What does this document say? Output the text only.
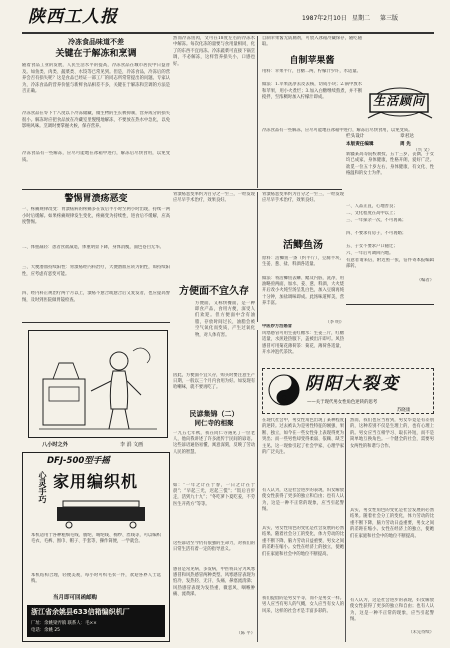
陕西工人报	1987年2月10日 星期二 第三版
冷冻食品味道不差
关键在于解冻和烹调
随着食品工业的发展，人民生活水平的提高，冷冻食品在城市居民中日益普及。如鱼类、肉类、蔬菜类、水饺等已常见到。但是，冷冻食品，冷冻后的营养会否有损失呢？这是食品已经证一部工厂的同志所常常提出的问题。专家认为，冷冻食品的营养价值与新鲜食品相差不多，关键在于解冻和烹调的方法是否正确。
冷冻食品在零下十八度以下冷冻储藏，微生物的生长被抑制，营养成分的损失很小。解冻时应把食品放在冷藏室里慢慢地解冻，不要放在热水中急化，以免影响风味。烹调时要掌握火候，保存营养。
冷冻食品有一些解冻，应尽可能地在冰箱中进行，解冻后尽快食用，以免变质。
然而冷冻鱼肉，文可在18度左右的冷冻水中解冻。每次化冻的量要与食用量相同，化了的东西不宜再冻。冷冻蔬菜可直接下锅烹调，不必解冻，这样营养损失小，口感也好。
自制苹果酱无防腐剂，可放入冰箱冷藏保存，随吃随取。
自制苹果酱
用料：苹果半斤，白糖二两，柠檬汁少许，水适量。
做法：1.苹果洗净去皮去核，切成小块；2.锅中放水和苹果，用小火煮烂；3.加入白糖继续熬煮，并不断搅拌，至浓稠时加入柠檬汁即成。
冷冻食品有一些解冻，应尽可能地在冰箱中进行，解冻后尽快食用，以免变质。
（兴 文）
生活顾问
栏头设计	章君达
本版责任编辑	周 先
新疆某高等院校教授，五十三岁，丧偶，子女均已成家，身体健康，性格开朗，爱好广泛。欲觅一位五十岁左右、身体健康、有文化、性格温和的女士为伴。
一、人品正直，心地善良；
二、文化程度在高中以上；
三、一年探亲一次，不可再离；
四、不要求有房子，不可再婚；
五、子女不要求户口随迁；
六、一年后可调回内地。
有意者请来信，附近照一张，信件寄本报编辑部转。
（编者）
警惕胃溃疡恶变
一、疼痛规律改变：胃溃疡病的疼痛多在饭后半小时至两小时出现，持续一两小时后缓解。如果疼痛规律发生变化，疼痛变为持续性，进食后不缓解，应高度警惕。
二、体重减轻：患者食欲减退，体重明显下降，身体消瘦，面色苍白无华。
三、大便潜血持续阳性：胃溃疡经内科治疗，大便潜血应转为阴性，如持续阳性，应考虑有恶变可能。
四、经内科正规治疗两个月以上，溃疡不愈合或愈合后又复发者，也应提高警惕，及时到医院做胃镜检查。
胃溃疡恶变率约为百分之一至三，一经发现应尽早手术治疗，效果良好。
方便面不宜久存
方便面，又称快餐面，是一种即食产品，食用方便，深受人们欢迎。但方便面中含有油脂，存放时间过长，油脂会被空气氧化而变质，产生过氧化物，对人体有害。
因此，方便面不宜久存，购买时要注意生产日期，一般以三个月内食用为好。如发现有哈喇味，就不要再吃了。
胃溃疡恶变率约为百分之一至三，一经发现应尽早手术治疗，效果良好。
活鲫鱼汤
原料：活鲫鱼一条（约半斤），豆腐半块，生姜、葱、盐、料酒各适量。
做法：将活鲫鱼去鳞、鳃及内脏，洗净，用油略煎两面，加水、姜、葱、料酒，大火烧开后改小火炖至汤呈乳白色，加入豆腐再炖十分钟，加盐调味即成。此汤味道鲜美，营养丰富。
（李 明）
八小时之外	李 涓 文画
DFJ-500型手摇
心灵手巧 家用编织机
本机适用于各种粗细毛线、腈纶、晴纶线、棉纱、丝线等，可以编织毛衣、毛裤、围巾、帽子、手套等，操作简便，一学就会。
本机结构合理，轻便美观，每小时可织毛衣一件，欢迎各界人士选购。
当月即可回函邮购
浙江省余姚县633信箱编织机厂
厂址：余姚梁弄镇 联系人：毛××
电话：余姚 25
民谚集锦（二）
同仁寺的相聚
一九五七年秋，我在同仁寺遇见了一位老人，他向我讲述了许多流传于民间的谚语。这些谚语通俗易懂，寓意深刻，反映了劳动人民的智慧。
如：“一年之计在于春，一日之计在于晨”；“早起三光，迟起三慌”；“饭后百步走，活到九十九”；“冬吃萝卜夏吃姜，不劳医生开药方”等等。
这些谚语至今仍有很强的生命力，对我们的日常生活有着一定的指导意义。
感冒是常见病、多发病，中医将其分为风寒感冒和风热感冒两种类型。风寒感冒表现为怕冷、发热轻、无汗、头痛、鼻塞流清涕；风热感冒表现为发热重、微恶风、咽喉肿痛、流黄涕。
（陈 平）
中医妙方治感冒
风寒感冒可用生姜红糖水：生姜三片，红糖适量，水煎趁热服下，盖被出汗即可。风热感冒可用菊花薄荷茶：菊花、薄荷各适量，开水冲泡代茶饮。
阴阳大裂变
——关于现代男女性角色逆转的思考
苏晓康
在现代社会中，男女性角色出现了某种程度的逆转。过去被认为是男性特征的刚强、果断、独立，如今在一些女性身上表现得更为突出；而一些男性却变得柔弱、依赖、缺乏主见。这一现象引起了社会学家、心理学家的广泛关注。
有人认为，这是社会进步的表现，妇女解放使女性获得了更多的独立和自由；也有人认为，这是一种不正常的现象，应当引起警惕。
其实，男女性角色的变化是社会发展的必然结果。随着社会分工的变化，体力劳动的比重不断下降，脑力劳动日益重要，男女之间的差距在缩小。女性在经济上的独立，使她们在家庭和社会中的地位不断提高。
我们提倡的是男女平等，而不是男女一样。男人应当有男人的气概，女人应当有女人的风采，这样的社会才是丰富多彩的。
然而，我们也应当看到，男女毕竟是有差别的，这种差别不仅是生理上的，也有心理上的。男女应当互相学习、取长补短，而不是简单地互换角色。一个健全的社会，需要男女两性的和谐与合作。
其实，男女性角色的变化是社会发展的必然结果。随着社会分工的变化，体力劳动的比重不断下降，脑力劳动日益重要，男女之间的差距在缩小。女性在经济上的独立，使她们在家庭和社会中的地位不断提高。
有人认为，这是社会进步的表现，妇女解放使女性获得了更多的独立和自由；也有人认为，这是一种不正常的现象，应当引起警惕。
（未完待续）
